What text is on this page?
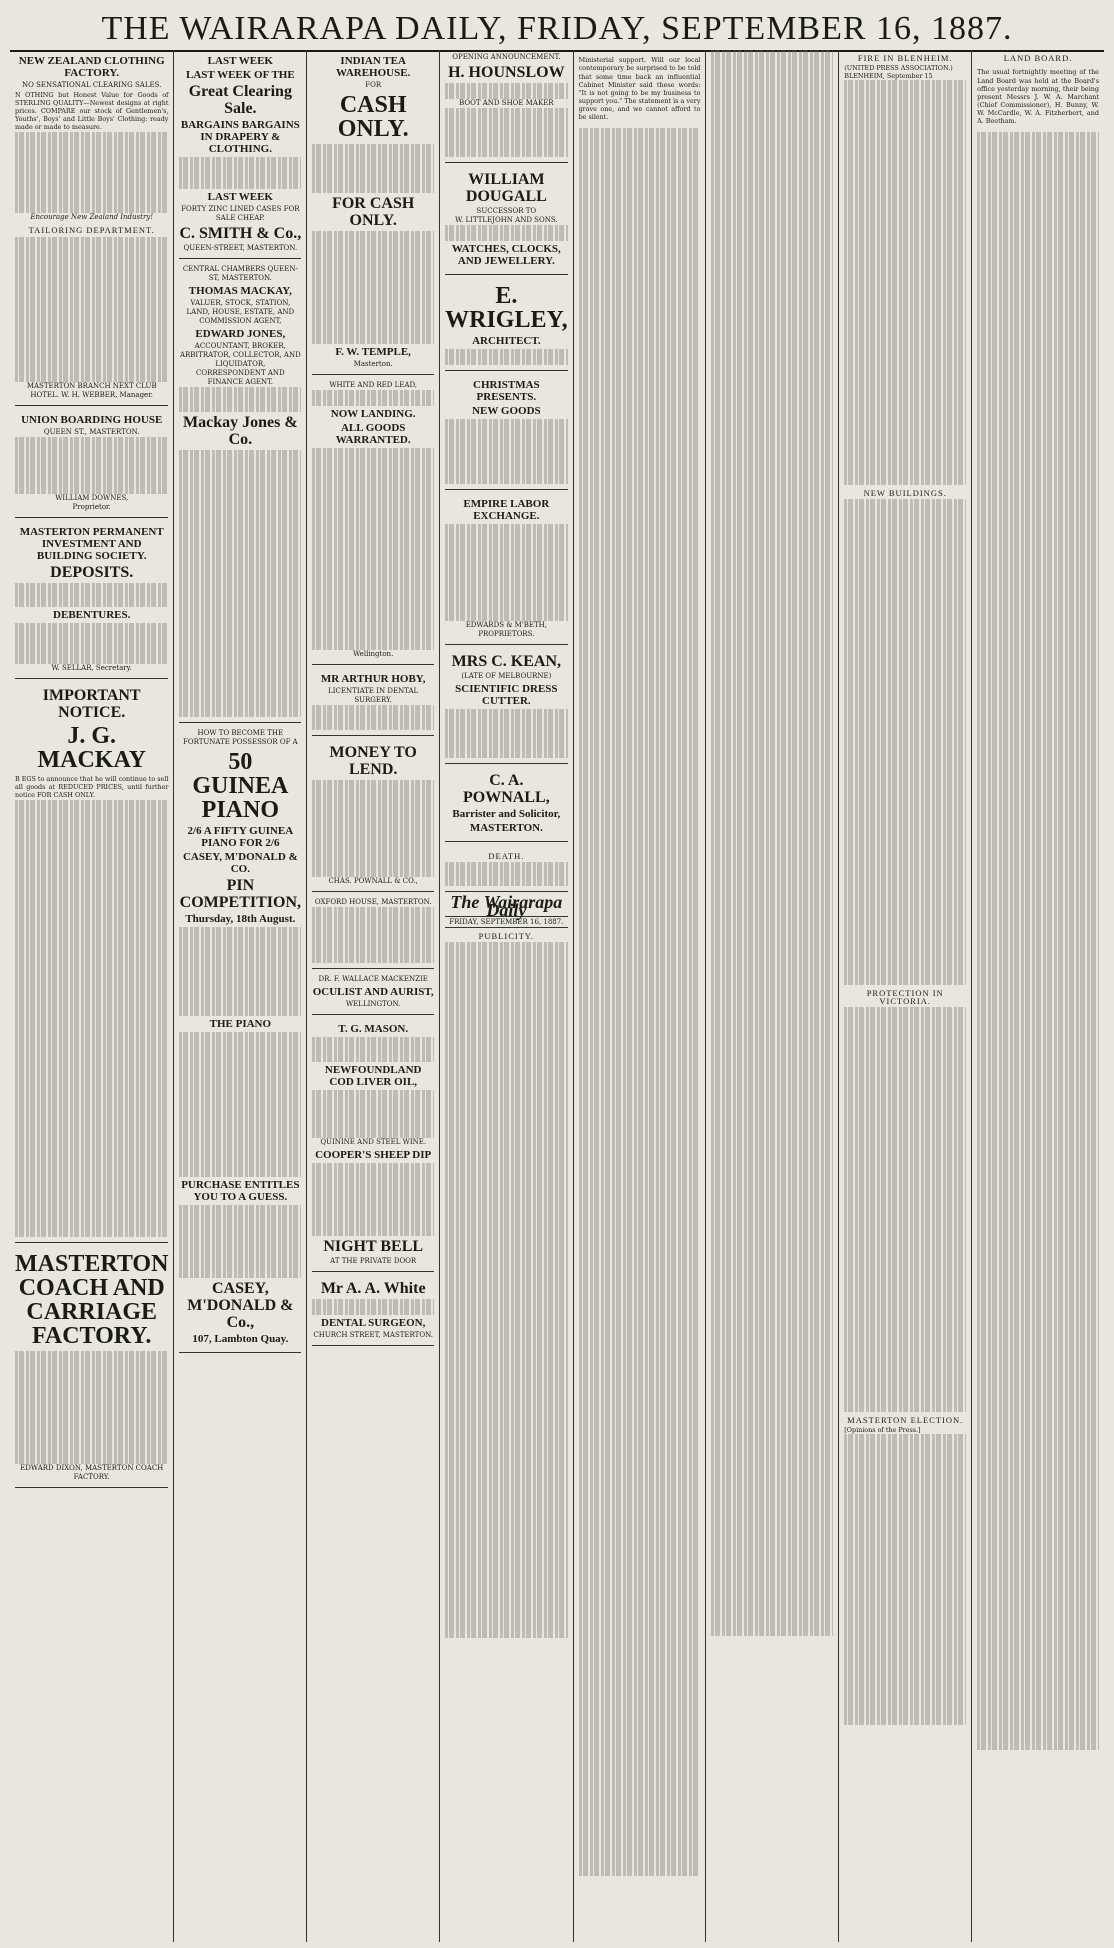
THE WAIRARAPA DAILY, FRIDAY, SEPTEMBER 16, 1887.
NEW ZEALAND CLOTHING FACTORY.
NO SENSATIONAL CLEARING SALES.

N OTHING but Honest Value for Goods of STERLING QUALITY—Newest designs at right prices. COMPARE our stock of Gentlemen's, Youths', Boys' and Little Boys' Clothing: ready made or made to measure.

Encourage New Zealand Industry!
TAILORING DEPARTMENT.
MASTERTON BRANCH NEXT CLUB HOTEL. W. H. WEBBER, Manager.
UNION BOARDING HOUSE
QUEEN ST., MASTERTON.
WILLIAM DOWNES,
Proprietor.
MASTERTON PERMANENT INVESTMENT AND BUILDING SOCIETY.
DEPOSITS.
DEBENTURES.
W. SELLAR, Secretary.
IMPORTANT NOTICE.
J. G. MACKAY

B EGS to announce that he will continue to sell all goods at REDUCED PRICES, until further notice FOR CASH ONLY.

MASTERTON COACH AND CARRIAGE FACTORY.
EDWARD DIXON, MASTERTON COACH FACTORY.
LAST WEEK
LAST WEEK OF THE
Great Clearing Sale.
BARGAINS BARGAINS IN DRAPERY & CLOTHING.
LAST WEEK
FORTY ZINC LINED CASES FOR SALE CHEAP.
C. SMITH & Co.,
QUEEN-STREET, MASTERTON.
CENTRAL CHAMBERS QUEEN-ST, MASTERTON.
THOMAS MACKAY,
VALUER, STOCK, STATION, LAND, HOUSE, ESTATE, AND COMMISSION AGENT,
EDWARD JONES,
ACCOUNTANT, BROKER, ARBITRATOR, COLLECTOR, AND LIQUIDATOR, CORRESPONDENT AND FINANCE AGENT.
Mackay Jones & Co.
HOW TO BECOME THE FORTUNATE POSSESSOR OF A
50 GUINEA PIANO
2/6 A FIFTY GUINEA PIANO FOR 2/6
CASEY, M'DONALD & CO.
PIN COMPETITION,
Thursday, 18th August.
THE PIANO
PURCHASE ENTITLES YOU TO A GUESS.
CASEY, M'DONALD & Co.,
107, Lambton Quay.
INDIAN TEA WAREHOUSE.
FOR
CASH ONLY.
FOR CASH ONLY.
F. W. TEMPLE,
Masterton.
WHITE AND RED LEAD,
NOW LANDING.
ALL GOODS WARRANTED.
Wellington.
MR ARTHUR HOBY,
LICENTIATE IN DENTAL SURGERY.
MONEY TO LEND.
CHAS. POWNALL & CO.,
OXFORD HOUSE, MASTERTON.
DR. F. WALLACE MACKENZIE
OCULIST AND AURIST,
WELLINGTON.
T. G. MASON.
NEWFOUNDLAND COD LIVER OIL,
QUININE AND STEEL WINE.
COOPER'S SHEEP DIP
NIGHT BELL
AT THE PRIVATE DOOR
Mr A. A. White
DENTAL SURGEON,
CHURCH STREET, MASTERTON.
OPENING ANNOUNCEMENT.
H. HOUNSLOW
BOOT AND SHOE MAKER
WILLIAM DOUGALL
SUCCESSOR TO
W. LITTLEJOHN AND SONS.
WATCHES, CLOCKS, AND JEWELLERY.
E. WRIGLEY,
ARCHITECT.
CHRISTMAS PRESENTS.
NEW GOODS
EMPIRE LABOR EXCHANGE.
EDWARDS & M'BETH, PROPRIETORS.
MRS C. KEAN,
(LATE OF MELBOURNE)
SCIENTIFIC DRESS CUTTER.
C. A. POWNALL,
Barrister and Solicitor,
MASTERTON.
DEATH.
The Wairarapa Daily
FRIDAY, SEPTEMBER 16, 1887.
PUBLICITY.

Ministerial support. Will our local contemporary be surprised to be told that some time back an influential Cabinet Minister said these words: "It is not going to be my business to support you." The statement is a very grave one, and we cannot afford to be silent.

FIRE IN BLENHEIM.
(UNITED PRESS ASSOCIATION.)
BLENHEIM, September 15
NEW BUILDINGS.
PROTECTION IN VICTORIA.
MASTERTON ELECTION.
[Opinions of the Press.]
LAND BOARD.

The usual fortnightly meeting of the Land Board was held at the Board's office yesterday morning, their being present Messrs J. W. A. Marchant (Chief Commissioner), H. Bunny, W. W. McCardle, W. A. Fitzherbert, and A. Beetham.
